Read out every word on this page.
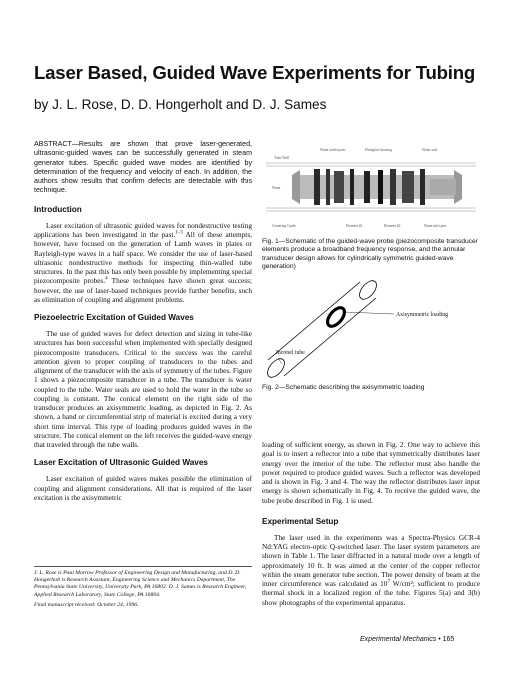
Laser Based, Guided Wave Experiments for Tubing

by J. L. Rose, D. D. Hongerholt and D. J. Sames

ABSTRACT—Results are shown that prove laser-generated, ultrasonic-guided waves can be successfully generated in steam generator tubes. Specific guided wave modes are identified by determination of the frequency and velocity of each. In addition, the authors show results that confirm defects are detectable with this technique.

Introduction

Laser excitation of ultrasonic guided waves for nondestructive testing applications has been investigated in the past.$^{1-3}$ All of these attempts, however, have focused on the generation of Lamb waves in plates or Rayleigh-type waves in a half space. We consider the use of laser-based ultrasonic nondestructive methods for inspecting thin-walled tube structures. In the past this has only been possible by implementing special piezocomposite probes.$^4$ These techniques have shown great success; however, the use of laser-based techniques provide further benefits, such as elimination of coupling and alignment problems.

Piezoelectric Excitation of Guided Waves

The use of guided waves for defect detection and sizing in tube-like structures has been successful when implemented with specially designed piezocomposite transducers. Critical to the success was the careful attention given to proper coupling of transducers to the tubes and alignment of the transducer with the axis of symmetry of the tubes. Figure 1 shows a piezocomposite transducer in a tube. The transducer is water coupled to the tube. Water seals are used to hold the water in the tube so coupling is constant. The conical element on the right side of the transducer produces an axisymmetric loading, as depicted in Fig. 2. As shown, a band or circumferential strip of material is excited during a very short time interval. This type of loading produces guided waves in the structure. The conical element on the left receives the guided-wave energy that traveled through the tube walls.

Laser Excitation of Ultrasonic Guided Waves

Laser excitation of guided waves makes possible the elimination of coupling and alignment considerations. All that is required of the laser excitation is the axisymmetric

J. L. Rose is Paul Morrow Professor of Engineering Design and Manufacturing, and D. D. Hongerholt is Research Assistant, Engineering Science and Mechanics Department, The Pennsylvania State University, University Park, PA 16802. D. J. Sames is Research Engineer, Applied Research Laboratory, State College, PA 16804.

Final manuscript received: October 24, 1996.

Water outlet ports	Plexiglass housing	Water seal
Tube Wall
Water
Centering Guide	Element #1	Element #2	Water inlet port

Fig. 1—Schematic of the guided-wave probe (piezocomposite transducer elements produce a broadband frequency response, and the annular transducer design allows for cylindrically symmetric guided-wave generation)

Axisymmetric loading
Inconel tube

Fig. 2—Schematic describing the axisymmetric loading

loading of sufficient energy, as shown in Fig. 2. One way to achieve this goal is to insert a reflector into a tube that symmetrically distributes laser energy over the interior of the tube. The reflector must also handle the power required to produce guided waves. Such a reflector was developed and is shown in Fig. 3 and 4. The way the reflector distributes laser input energy is shown schematically in Fig. 4. To receive the guided wave, the tube probe described in Fig. 1 is used.

Experimental Setup

The laser used in the experiments was a Spectra-Physics GCR-4 Nd:YAG electro-optic Q-switched laser. The laser system parameters are shown in Table 1. The laser diffracted in a natural mode over a length of approximately 10 ft. It was aimed at the center of the copper reflector within the steam generator tube section. The power density of beam at the inner circumference was calculated as $10^7$ W/cm²; sufficient to produce thermal shock in a localized region of the tube. Figures 5(a) and 3(b) show photographs of the experimental apparatus.

Experimental Mechanics • 165
